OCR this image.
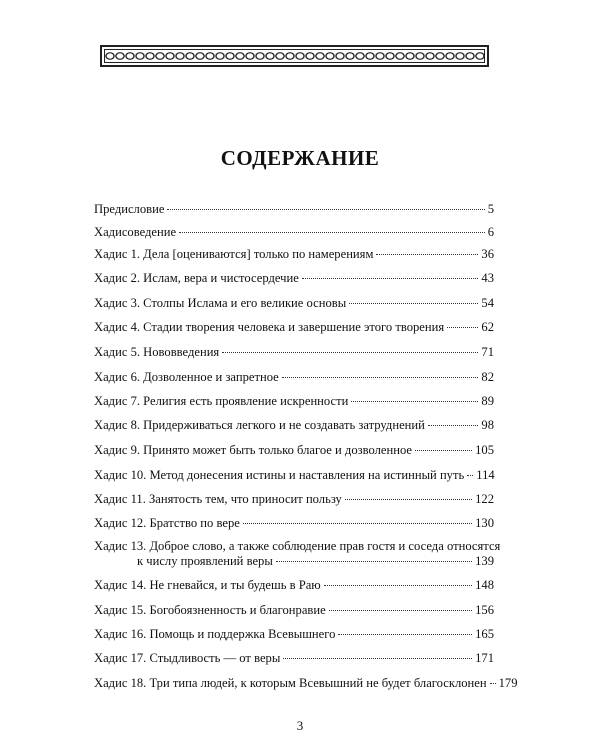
СОДЕРЖАНИЕ
Предисловие	5
Хадисоведение	6
Хадис 1. Дела [оцениваются] только по намерениям	36
Хадис 2. Ислам, вера и чистосердечие	43
Хадис 3. Столпы Ислама и его великие основы	54
Хадис 4. Стадии творения человека и завершение этого творения	62
Хадис 5. Нововведения	71
Хадис 6. Дозволенное и запретное	82
Хадис 7. Религия есть проявление искренности	89
Хадис 8. Придерживаться легкого и не создавать затруднений	98
Хадис 9. Принято может быть только благое и дозволенное	105
Хадис 10. Метод донесения истины и наставления на истинный путь 114
Хадис 11. Занятость тем, что приносит пользу	122
Хадис 12. Братство по вере	130
Хадис 13. Доброе слово, а также соблюдение прав гостя и соседа относятся
к числу проявлений веры	139
Хадис 14. Не гневайся, и ты будешь в Раю	148
Хадис 15. Богобоязненность и благонравие	156
Хадис 16. Помощь и поддержка Всевышнего	165
Хадис 17. Стыдливость — от веры	171
Хадис 18. Три типа людей, к которым Всевышний не будет благосклонен 179
3
